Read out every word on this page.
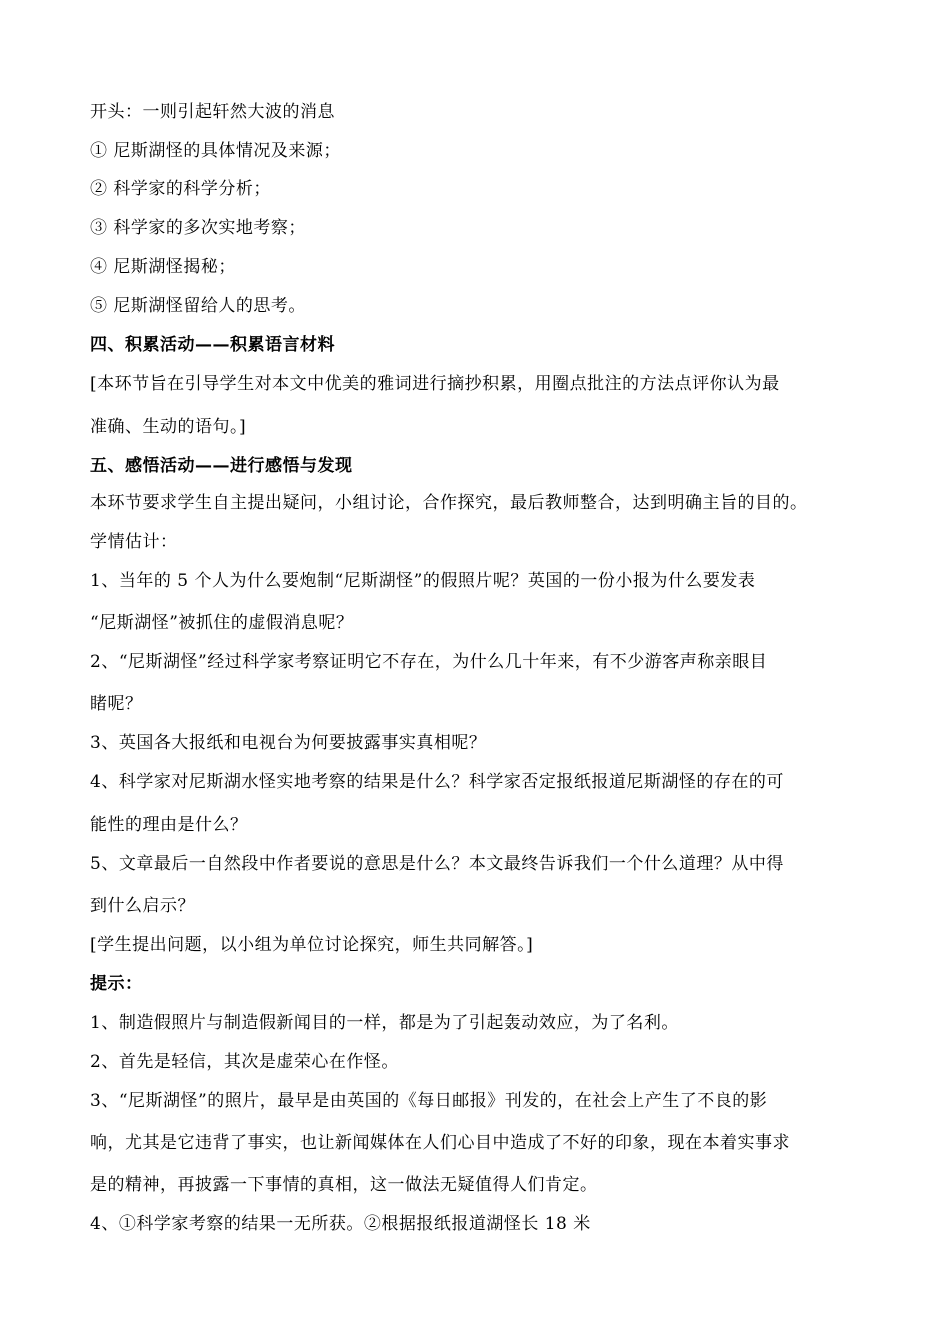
开头：一则引起轩然大波的消息

① 尼斯湖怪的具体情况及来源；

② 科学家的科学分析；

③ 科学家的多次实地考察；

④ 尼斯湖怪揭秘；

⑤ 尼斯湖怪留给人的思考。

四、积累活动——积累语言材料

[本环节旨在引导学生对本文中优美的雅词进行摘抄积累，用圈点批注的方法点评你认为最

准确、生动的语句。]

五、感悟活动——进行感悟与发现

本环节要求学生自主提出疑问，小组讨论，合作探究，最后教师整合，达到明确主旨的目的。

学情估计：

1、当年的 5 个人为什么要炮制“尼斯湖怪”的假照片呢？英国的一份小报为什么要发表

“尼斯湖怪”被抓住的虚假消息呢？

2、“尼斯湖怪”经过科学家考察证明它不存在，为什么几十年来，有不少游客声称亲眼目

睹呢？

3、英国各大报纸和电视台为何要披露事实真相呢？

4、科学家对尼斯湖水怪实地考察的结果是什么？科学家否定报纸报道尼斯湖怪的存在的可

能性的理由是什么？

5、文章最后一自然段中作者要说的意思是什么？本文最终告诉我们一个什么道理？从中得

到什么启示？

[学生提出问题，以小组为单位讨论探究，师生共同解答。]

提示：

1、制造假照片与制造假新闻目的一样，都是为了引起轰动效应，为了名利。

2、首先是轻信，其次是虚荣心在作怪。

3、“尼斯湖怪”的照片，最早是由英国的《每日邮报》刊发的，在社会上产生了不良的影

响，尤其是它违背了事实，也让新闻媒体在人们心目中造成了不好的印象，现在本着实事求

是的精神，再披露一下事情的真相，这一做法无疑值得人们肯定。

4、①科学家考察的结果一无所获。②根据报纸报道湖怪长 18 米
